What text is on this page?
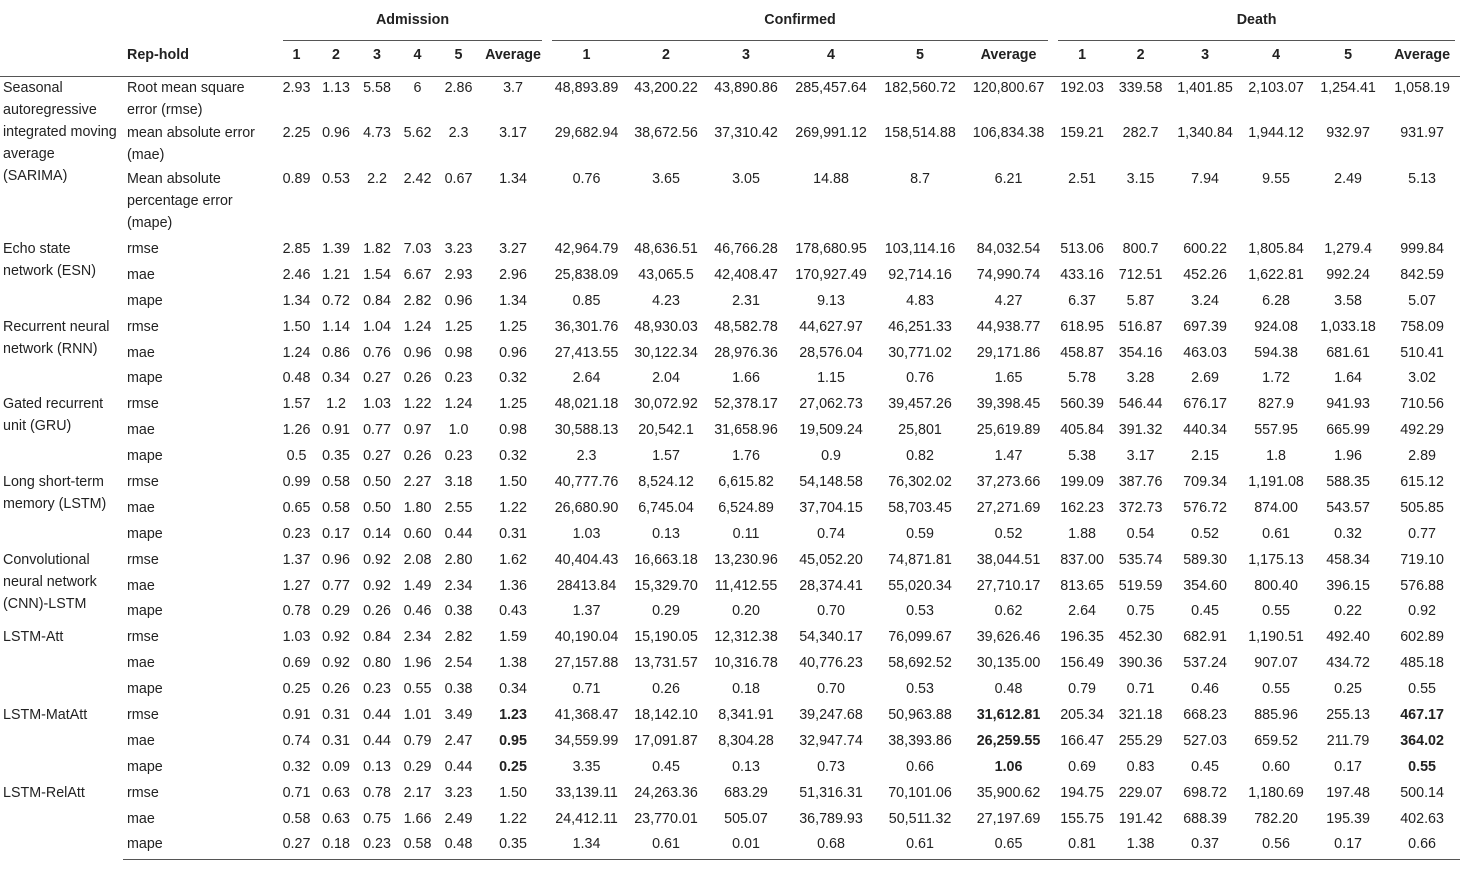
		Admission						Confirmed						Death					

	Rep-hold	1	2	3	4	5	Average	1	2	3	4	5	Average	1	2	3	4	5	Average
Seasonal autoregressive integrated moving average (SARIMA)	Root mean square error (rmse)	2.93	1.13	5.58	6	2.86	3.7	48,893.89	43,200.22	43,890.86	285,457.64	182,560.72	120,800.67	192.03	339.58	1,401.85	2,103.07	1,254.41	1,058.19
	mean absolute error (mae)	2.25	0.96	4.73	5.62	2.3	3.17	29,682.94	38,672.56	37,310.42	269,991.12	158,514.88	106,834.38	159.21	282.7	1,340.84	1,944.12	932.97	931.97
	Mean absolute percentage error (mape)	0.89	0.53	2.2	2.42	0.67	1.34	0.76	3.65	3.05	14.88	8.7	6.21	2.51	3.15	7.94	9.55	2.49	5.13
Echo state network (ESN)	rmse	2.85	1.39	1.82	7.03	3.23	3.27	42,964.79	48,636.51	46,766.28	178,680.95	103,114.16	84,032.54	513.06	800.7	600.22	1,805.84	1,279.4	999.84
	mae	2.46	1.21	1.54	6.67	2.93	2.96	25,838.09	43,065.5	42,408.47	170,927.49	92,714.16	74,990.74	433.16	712.51	452.26	1,622.81	992.24	842.59
	mape	1.34	0.72	0.84	2.82	0.96	1.34	0.85	4.23	2.31	9.13	4.83	4.27	6.37	5.87	3.24	6.28	3.58	5.07
Recurrent neural network (RNN)	rmse	1.50	1.14	1.04	1.24	1.25	1.25	36,301.76	48,930.03	48,582.78	44,627.97	46,251.33	44,938.77	618.95	516.87	697.39	924.08	1,033.18	758.09
	mae	1.24	0.86	0.76	0.96	0.98	0.96	27,413.55	30,122.34	28,976.36	28,576.04	30,771.02	29,171.86	458.87	354.16	463.03	594.38	681.61	510.41
	mape	0.48	0.34	0.27	0.26	0.23	0.32	2.64	2.04	1.66	1.15	0.76	1.65	5.78	3.28	2.69	1.72	1.64	3.02
Gated recurrent unit (GRU)	rmse	1.57	1.2	1.03	1.22	1.24	1.25	48,021.18	30,072.92	52,378.17	27,062.73	39,457.26	39,398.45	560.39	546.44	676.17	827.9	941.93	710.56
	mae	1.26	0.91	0.77	0.97	1.0	0.98	30,588.13	20,542.1	31,658.96	19,509.24	25,801	25,619.89	405.84	391.32	440.34	557.95	665.99	492.29
	mape	0.5	0.35	0.27	0.26	0.23	0.32	2.3	1.57	1.76	0.9	0.82	1.47	5.38	3.17	2.15	1.8	1.96	2.89
Long short-term memory (LSTM)	rmse	0.99	0.58	0.50	2.27	3.18	1.50	40,777.76	8,524.12	6,615.82	54,148.58	76,302.02	37,273.66	199.09	387.76	709.34	1,191.08	588.35	615.12
	mae	0.65	0.58	0.50	1.80	2.55	1.22	26,680.90	6,745.04	6,524.89	37,704.15	58,703.45	27,271.69	162.23	372.73	576.72	874.00	543.57	505.85
	mape	0.23	0.17	0.14	0.60	0.44	0.31	1.03	0.13	0.11	0.74	0.59	0.52	1.88	0.54	0.52	0.61	0.32	0.77
Convolutional neural network (CNN)-LSTM	rmse	1.37	0.96	0.92	2.08	2.80	1.62	40,404.43	16,663.18	13,230.96	45,052.20	74,871.81	38,044.51	837.00	535.74	589.30	1,175.13	458.34	719.10
	mae	1.27	0.77	0.92	1.49	2.34	1.36	28413.84	15,329.70	11,412.55	28,374.41	55,020.34	27,710.17	813.65	519.59	354.60	800.40	396.15	576.88
	mape	0.78	0.29	0.26	0.46	0.38	0.43	1.37	0.29	0.20	0.70	0.53	0.62	2.64	0.75	0.45	0.55	0.22	0.92
LSTM-Att	rmse	1.03	0.92	0.84	2.34	2.82	1.59	40,190.04	15,190.05	12,312.38	54,340.17	76,099.67	39,626.46	196.35	452.30	682.91	1,190.51	492.40	602.89
	mae	0.69	0.92	0.80	1.96	2.54	1.38	27,157.88	13,731.57	10,316.78	40,776.23	58,692.52	30,135.00	156.49	390.36	537.24	907.07	434.72	485.18
	mape	0.25	0.26	0.23	0.55	0.38	0.34	0.71	0.26	0.18	0.70	0.53	0.48	0.79	0.71	0.46	0.55	0.25	0.55
LSTM-MatAtt	rmse	0.91	0.31	0.44	1.01	3.49	1.23	41,368.47	18,142.10	8,341.91	39,247.68	50,963.88	31,612.81	205.34	321.18	668.23	885.96	255.13	467.17
	mae	0.74	0.31	0.44	0.79	2.47	0.95	34,559.99	17,091.87	8,304.28	32,947.74	38,393.86	26,259.55	166.47	255.29	527.03	659.52	211.79	364.02
	mape	0.32	0.09	0.13	0.29	0.44	0.25	3.35	0.45	0.13	0.73	0.66	1.06	0.69	0.83	0.45	0.60	0.17	0.55
LSTM-RelAtt	rmse	0.71	0.63	0.78	2.17	3.23	1.50	33,139.11	24,263.36	683.29	51,316.31	70,101.06	35,900.62	194.75	229.07	698.72	1,180.69	197.48	500.14
	mae	0.58	0.63	0.75	1.66	2.49	1.22	24,412.11	23,770.01	505.07	36,789.93	50,511.32	27,197.69	155.75	191.42	688.39	782.20	195.39	402.63
	mape	0.27	0.18	0.23	0.58	0.48	0.35	1.34	0.61	0.01	0.68	0.61	0.65	0.81	1.38	0.37	0.56	0.17	0.66
